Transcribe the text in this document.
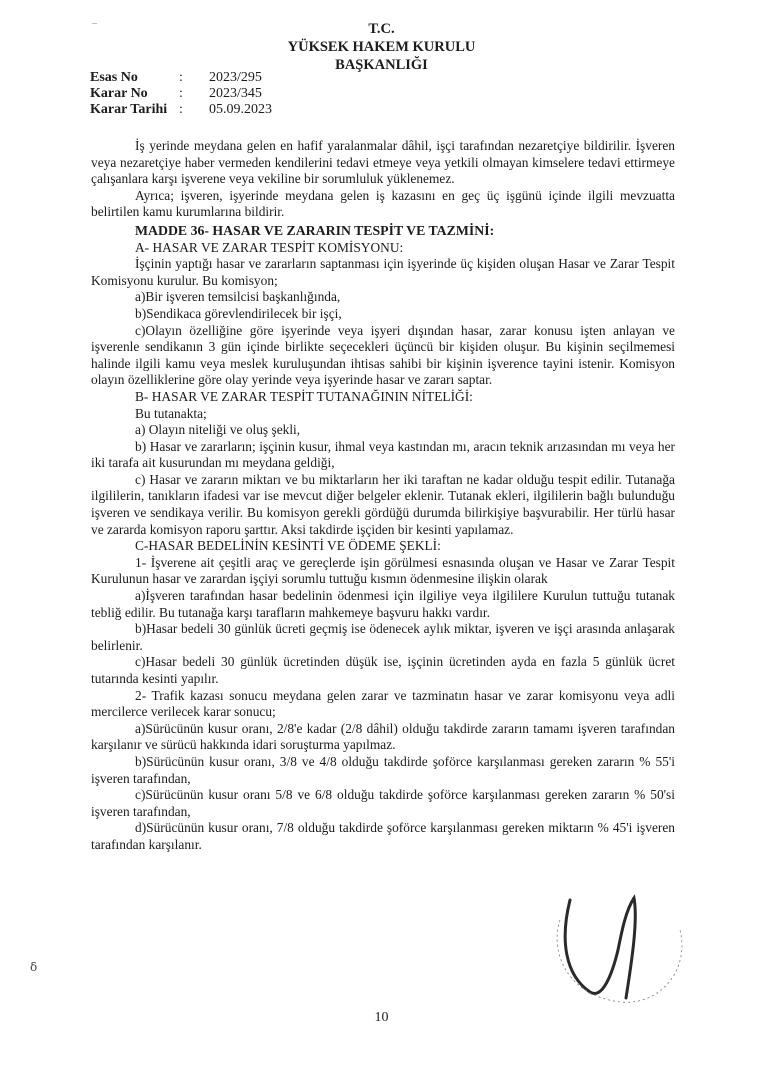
–	T.C.
YÜKSEK HAKEM KURULU
BAŞKANLIĞI
Esas No	:	2023/295
Karar No	:	2023/345
Karar Tarihi :	05.09.2023

İş yerinde meydana gelen en hafif yaralanmalar dâhil, işçi tarafından nezaretçiye bildirilir. İşveren veya nezaretçiye haber vermeden kendilerini tedavi etmeye veya yetkili olmayan kimselere tedavi ettirmeye çalışanlara karşı işverene veya vekiline bir sorumluluk yüklenemez.

Ayrıca; işveren, işyerinde meydana gelen iş kazasını en geç üç işgünü içinde ilgili mevzuatta belirtilen kamu kurumlarına bildirir.

MADDE 36- HASAR VE ZARARIN TESPİT VE TAZMİNİ:

A- HASAR VE ZARAR TESPİT KOMİSYONU:

İşçinin yaptığı hasar ve zararların saptanması için işyerinde üç kişiden oluşan Hasar ve Zarar Tespit Komisyonu kurulur. Bu komisyon;

a)Bir işveren temsilcisi başkanlığında,

b)Sendikaca görevlendirilecek bir işçi,

c)Olayın özelliğine göre işyerinde veya işyeri dışından hasar, zarar konusu işten anlayan ve işverenle sendikanın 3 gün içinde birlikte seçecekleri üçüncü bir kişiden oluşur. Bu kişinin seçilmemesi halinde ilgili kamu veya meslek kuruluşundan ihtisas sahibi bir kişinin işverence tayini istenir. Komisyon olayın özelliklerine göre olay yerinde veya işyerinde hasar ve zararı saptar.

B- HASAR VE ZARAR TESPİT TUTANAĞININ NİTELİĞİ:

Bu tutanakta;

a) Olayın niteliği ve oluş şekli,

b) Hasar ve zararların; işçinin kusur, ihmal veya kastından mı, aracın teknik arızasından mı veya her iki tarafa ait kusurundan mı meydana geldiği,

c) Hasar ve zararın miktarı ve bu miktarların her iki taraftan ne kadar olduğu tespit edilir. Tutanağa ilgililerin, tanıkların ifadesi var ise mevcut diğer belgeler eklenir. Tutanak ekleri, ilgililerin bağlı bulunduğu işveren ve sendikaya verilir. Bu komisyon gerekli gördüğü durumda bilirkişiye başvurabilir. Her türlü hasar ve zararda komisyon raporu şarttır. Aksi takdirde işçiden bir kesinti yapılamaz.

C-HASAR BEDELİNİN KESİNTİ VE ÖDEME ŞEKLİ:

1- İşverene ait çeşitli araç ve gereçlerde işin görülmesi esnasında oluşan ve Hasar ve Zarar Tespit Kurulunun hasar ve zarardan işçiyi sorumlu tuttuğu kısmın ödenmesine ilişkin olarak

a)İşveren tarafından hasar bedelinin ödenmesi için ilgiliye veya ilgililere Kurulun tuttuğu tutanak tebliğ edilir. Bu tutanağa karşı tarafların mahkemeye başvuru hakkı vardır.

b)Hasar bedeli 30 günlük ücreti geçmiş ise ödenecek aylık miktar, işveren ve işçi arasında anlaşarak belirlenir.

c)Hasar bedeli 30 günlük ücretinden düşük ise, işçinin ücretinden ayda en fazla 5 günlük ücret tutarında kesinti yapılır.

2- Trafik kazası sonucu meydana gelen zarar ve tazminatın hasar ve zarar komisyonu veya adli mercilerce verilecek karar sonucu;

a)Sürücünün kusur oranı, 2/8'e kadar (2/8 dâhil) olduğu takdirde zararın tamamı işveren tarafından karşılanır ve sürücü hakkında idari soruşturma yapılmaz.

b)Sürücünün kusur oranı, 3/8 ve 4/8 olduğu takdirde şoförce karşılanması gereken zararın % 55'i işveren tarafından,

c)Sürücünün kusur oranı 5/8 ve 6/8 olduğu takdirde şoförce karşılanması gereken zararın % 50'si işveren tarafından,

d)Sürücünün kusur oranı, 7/8 olduğu takdirde şoförce karşılanması gereken miktarın % 45'i işveren tarafından karşılanır.

ẟ
10
